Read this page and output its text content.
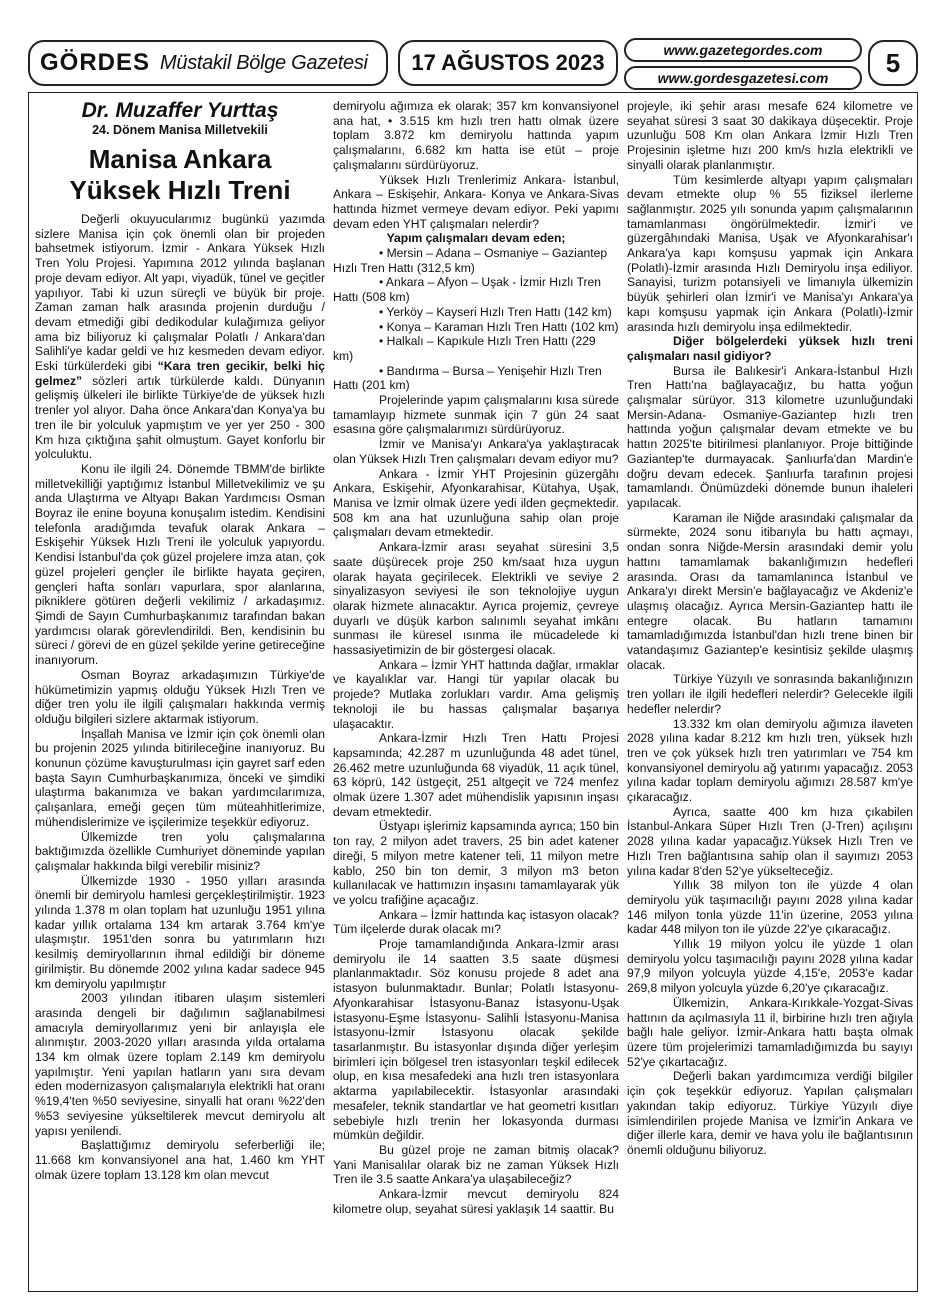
GÖRDES Müstakil Bölge Gazetesi	17 AĞUSTOS 2023	www.gazetegordes.com
www.gordesgazetesi.com
5
Dr. Muzaffer Yurttaş
24. Dönem Manisa Milletvekili
Manisa Ankara
Yüksek Hızlı Treni

Değerli okuyucularımız bugünkü yazımda sizlere Manisa için çok önemli olan bir projeden bahsetmek istiyorum. İzmir - Ankara Yüksek Hızlı Tren Yolu Projesi. Yapımına 2012 yılında başlanan proje devam ediyor. Alt yapı, viyadük, tünel ve geçitler yapılıyor. Tabi ki uzun süreçli ve büyük bir proje. Zaman zaman halk arasında projenin durduğu / devam etmediği gibi dedikodular kulağımıza geliyor ama biz biliyoruz ki çalışmalar Polatlı / Ankara'dan Salihli'ye kadar geldi ve hız kesmeden devam ediyor. Eski türkülerdeki gibi “Kara tren gecikir, belki hiç gelmez” sözleri artık türkülerde kaldı. Dünyanın gelişmiş ülkeleri ile birlikte Türkiye'de de yüksek hızlı trenler yol alıyor. Daha önce Ankara'dan Konya'ya bu tren ile bir yolculuk yapmıştım ve yer yer 250 - 300 Km hıza çıktığına şahit olmuştum. Gayet konforlu bir yolculuktu.

Konu ile ilgili 24. Dönemde TBMM'de birlikte milletvekilliği yaptığımız İstanbul Milletvekilimiz ve şu anda Ulaştırma ve Altyapı Bakan Yardımcısı Osman Boyraz ile enine boyuna konuşalım istedim. Kendisini telefonla aradığımda tevafuk olarak Ankara – Eskişehir Yüksek Hızlı Treni ile yolculuk yapıyordu. Kendisi İstanbul'da çok güzel projelere imza atan, çok güzel projeleri gençler ile birlikte hayata geçiren, gençleri hafta sonları vapurlara, spor alanlarına, pikniklere götüren değerli vekilimiz / arkadaşımız. Şimdi de Sayın Cumhurbaşkanımız tarafından bakan yardımcısı olarak görevlendirildi. Ben, kendisinin bu süreci / görevi de en güzel şekilde yerine getireceğine inanıyorum.

Osman Boyraz arkadaşımızın Türkiye'de hükümetimizin yapmış olduğu Yüksek Hızlı Tren ve diğer tren yolu ile ilgili çalışmaları hakkında vermiş olduğu bilgileri sizlere aktarmak istiyorum.

İnşallah Manisa ve İzmir için çok önemli olan bu projenin 2025 yılında bitirileceğine inanıyoruz. Bu konunun çözüme kavuşturulması için gayret sarf eden başta Sayın Cumhurbaşkanımıza, önceki ve şimdiki ulaştırma bakanımıza ve bakan yardımcılarımıza, çalışanlara, emeği geçen tüm müteahhitlerimize, mühendislerimize ve işçilerimize teşekkür ediyoruz.

Ülkemizde tren yolu çalışmalarına baktığımızda özellikle Cumhuriyet döneminde yapılan çalışmalar hakkında bilgi verebilir misiniz?

Ülkemizde 1930 - 1950 yılları arasında önemli bir demiryolu hamlesi gerçekleştirilmiştir. 1923 yılında 1.378 m olan toplam hat uzunluğu 1951 yılına kadar yıllık ortalama 134 km artarak 3.764 km'ye ulaşmıştır. 1951'den sonra bu yatırımların hızı kesilmiş demiryollarının ihmal edildiği bir döneme girilmiştir. Bu dönemde 2002 yılına kadar sadece 945 km demiryolu yapılmıştır

2003 yılından itibaren ulaşım sistemleri arasında dengeli bir dağılımın sağlanabilmesi amacıyla demiryollarımız yeni bir anlayışla ele alınmıştır. 2003-2020 yılları arasında yılda ortalama 134 km olmak üzere toplam 2.149 km demiryolu yapılmıştır. Yeni yapılan hatların yanı sıra devam eden modernizasyon çalışmalarıyla elektrikli hat oranı %19,4'ten %50 seviyesine, sinyalli hat oranı %22'den %53 seviyesine yükseltilerek mevcut demiryolu alt yapısı yenilendi.

Başlattığımız demiryolu seferberliği ile; 11.668 km konvansiyonel ana hat, 1.460 km YHT olmak üzere toplam 13.128 km olan mevcut

demiryolu ağımıza ek olarak; 357 km konvansiyonel ana hat, • 3.515 km hızlı tren hattı olmak üzere toplam 3.872 km demiryolu hattında yapım çalışmalarını, 6.682 km hatta ise etüt – proje çalışmalarını sürdürüyoruz.

Yüksek Hızlı Trenlerimiz Ankara- İstanbul, Ankara – Eskişehir, Ankara- Konya ve Ankara-Sivas hattında hizmet vermeye devam ediyor. Peki yapımı devam eden YHT çalışmaları nelerdir?

Yapım çalışmaları devam eden;

• Mersin – Adana – Osmaniye – Gaziantep Hızlı Tren Hattı (312,5 km)

• Ankara – Afyon – Uşak - İzmir Hızlı Tren Hattı (508 km)

• Yerköy – Kayseri Hızlı Tren Hattı (142 km)

• Konya – Karaman Hızlı Tren Hattı (102 km)

• Halkalı – Kapıkule Hızlı Tren Hattı (229 km)

• Bandırma – Bursa – Yenişehir Hızlı Tren Hattı (201 km)

Projelerinde yapım çalışmalarını kısa sürede tamamlayıp hizmete sunmak için 7 gün 24 saat esasına göre çalışmalarımızı sürdürüyoruz.

İzmir ve Manisa'yı Ankara'ya yaklaştıracak olan Yüksek Hızlı Tren çalışmaları devam ediyor mu?

Ankara - İzmir YHT Projesinin güzergâhı Ankara, Eskişehir, Afyonkarahisar, Kütahya, Uşak, Manisa ve İzmir olmak üzere yedi ilden geçmektedir. 508 km ana hat uzunluğuna sahip olan proje çalışmaları devam etmektedir.

Ankara-İzmir arası seyahat süresini 3,5 saate düşürecek proje 250 km/saat hıza uygun olarak hayata geçirilecek. Elektrikli ve seviye 2 sinyalizasyon seviyesi ile son teknolojiye uygun olarak hizmete alınacaktır. Ayrıca projemiz, çevreye duyarlı ve düşük karbon salınımlı seyahat imkânı sunması ile küresel ısınma ile mücadelede ki hassasiyetimizin de bir göstergesi olacak.

Ankara – İzmir YHT hattında dağlar, ırmaklar ve kayalıklar var. Hangi tür yapılar olacak bu projede? Mutlaka zorlukları vardır. Ama gelişmiş teknoloji ile bu hassas çalışmalar başarıya ulaşacaktır.

Ankara-İzmir Hızlı Tren Hattı Projesi kapsamında; 42.287 m uzunluğunda 48 adet tünel, 26.462 metre uzunluğunda 68 viyadük, 11 açık tünel, 63 köprü, 142 üstgeçit, 251 altgeçit ve 724 menfez olmak üzere 1.307 adet mühendislik yapısının inşası devam etmektedir.

Üstyapı işlerimiz kapsamında ayrıca; 150 bin ton ray, 2 milyon adet travers, 25 bin adet katener direği, 5 milyon metre katener teli, 11 milyon metre kablo, 250 bin ton demir, 3 milyon m3 beton kullanılacak ve hattımızın inşasını tamamlayarak yük ve yolcu trafiğine açacağız.

Ankara – İzmir hattında kaç istasyon olacak? Tüm ilçelerde durak olacak mı?

Proje tamamlandığında Ankara-İzmir arası demiryolu ile 14 saatten 3.5 saate düşmesi planlanmaktadır. Söz konusu projede 8 adet ana istasyon bulunmaktadır. Bunlar; Polatlı İstasyonu-Afyonkarahisar İstasyonu-Banaz İstasyonu-Uşak İstasyonu-Eşme İstasyonu- Salihli İstasyonu-Manisa İstasyonu-İzmir İstasyonu olacak şekilde tasarlanmıştır. Bu istasyonlar dışında diğer yerleşim birimleri için bölgesel tren istasyonları teşkil edilecek olup, en kısa mesafedeki ana hızlı tren istasyonlara aktarma yapılabilecektir. İstasyonlar arasındaki mesafeler, teknik standartlar ve hat geometri kısıtları sebebiyle hızlı trenin her lokasyonda durması mümkün değildir.

Bu güzel proje ne zaman bitmiş olacak? Yani Manisalılar olarak biz ne zaman Yüksek Hızlı Tren ile 3.5 saatte Ankara'ya ulaşabileceğiz?

Ankara-İzmir mevcut demiryolu 824 kilometre olup, seyahat süresi yaklaşık 14 saattir. Bu

projeyle, iki şehir arası mesafe 624 kilometre ve seyahat süresi 3 saat 30 dakikaya düşecektir. Proje uzunluğu 508 Km olan Ankara İzmir Hızlı Tren Projesinin işletme hızı 200 km/s hızla elektrikli ve sinyalli olarak planlanmıştır.

Tüm kesimlerde altyapı yapım çalışmaları devam etmekte olup % 55 fiziksel ilerleme sağlanmıştır. 2025 yılı sonunda yapım çalışmalarının tamamlanması öngörülmektedir. İzmir'i ve güzergâhındaki Manisa, Uşak ve Afyonkarahisar'ı Ankara'ya kapı komşusu yapmak için Ankara (Polatlı)-İzmir arasında Hızlı Demiryolu inşa ediliyor. Sanayisi, turizm potansiyeli ve limanıyla ülkemizin büyük şehirleri olan İzmir'i ve Manisa'yı Ankara'ya kapı komşusu yapmak için Ankara (Polatlı)-İzmir arasında hızlı demiryolu inşa edilmektedir.

Diğer bölgelerdeki yüksek hızlı treni çalışmaları nasıl gidiyor?

Bursa ile Balıkesir'i Ankara-İstanbul Hızlı Tren Hattı'na bağlayacağız, bu hatta yoğun çalışmalar sürüyor. 313 kilometre uzunluğundaki Mersin-Adana- Osmaniye-Gaziantep hızlı tren hattında yoğun çalışmalar devam etmekte ve bu hattın 2025'te bitirilmesi planlanıyor. Proje bittiğinde Gaziantep'te durmayacak. Şanlıurfa'dan Mardin'e doğru devam edecek. Şanlıurfa tarafının projesi tamamlandı. Önümüzdeki dönemde bunun ihaleleri yapılacak.

Karaman ile Niğde arasındaki çalışmalar da sürmekte, 2024 sonu itibarıyla bu hattı açmayı, ondan sonra Niğde-Mersin arasındaki demir yolu hattını tamamlamak bakanlığımızın hedefleri arasında. Orası da tamamlanınca İstanbul ve Ankara'yı direkt Mersin'e bağlayacağız ve Akdeniz'e ulaşmış olacağız. Ayrıca Mersin-Gaziantep hattı ile entegre olacak. Bu hatların tamamını tamamladığımızda İstanbul'dan hızlı trene binen bir vatandaşımız Gaziantep'e kesintisiz şekilde ulaşmış olacak.

Türkiye Yüzyılı ve sonrasında bakanlığınızın tren yolları ile ilgili hedefleri nelerdir? Gelecekle ilgili hedefler nelerdir?

13.332 km olan demiryolu ağımıza ilaveten 2028 yılına kadar 8.212 km hızlı tren, yüksek hızlı tren ve çok yüksek hızlı tren yatırımları ve 754 km konvansiyonel demiryolu ağ yatırımı yapacağız. 2053 yılına kadar toplam demiryolu ağımızı 28.587 km'ye çıkaracağız.

Ayrıca, saatte 400 km hıza çıkabilen İstanbul-Ankara Süper Hızlı Tren (J-Tren) açılışını 2028 yılına kadar yapacağız.Yüksek Hızlı Tren ve Hızlı Tren bağlantısına sahip olan il sayımızı 2053 yılına kadar 8'den 52'ye yükselteceğiz.

Yıllık 38 milyon ton ile yüzde 4 olan demiryolu yük taşımacılığı payını 2028 yılına kadar 146 milyon tonla yüzde 11'in üzerine, 2053 yılına kadar 448 milyon ton ile yüzde 22'ye çıkaracağız.

Yıllık 19 milyon yolcu ile yüzde 1 olan demiryolu yolcu taşımacılığı payını 2028 yılına kadar 97,9 milyon yolcuyla yüzde 4,15'e, 2053'e kadar 269,8 milyon yolcuyla yüzde 6,20'ye çıkaracağız.

Ülkemizin, Ankara-Kırıkkale-Yozgat-Sivas hattının da açılmasıyla 11 il, birbirine hızlı tren ağıyla bağlı hale geliyor. İzmir-Ankara hattı başta olmak üzere tüm projelerimizi tamamladığımızda bu sayıyı 52'ye çıkartacağız.

Değerli bakan yardımcımıza verdiği bilgiler için çok teşekkür ediyoruz. Yapılan çalışmaları yakından takip ediyoruz. Türkiye Yüzyılı diye isimlendirilen projede Manisa ve İzmir'in Ankara ve diğer illerle kara, demir ve hava yolu ile bağlantısının önemli olduğunu biliyoruz.
